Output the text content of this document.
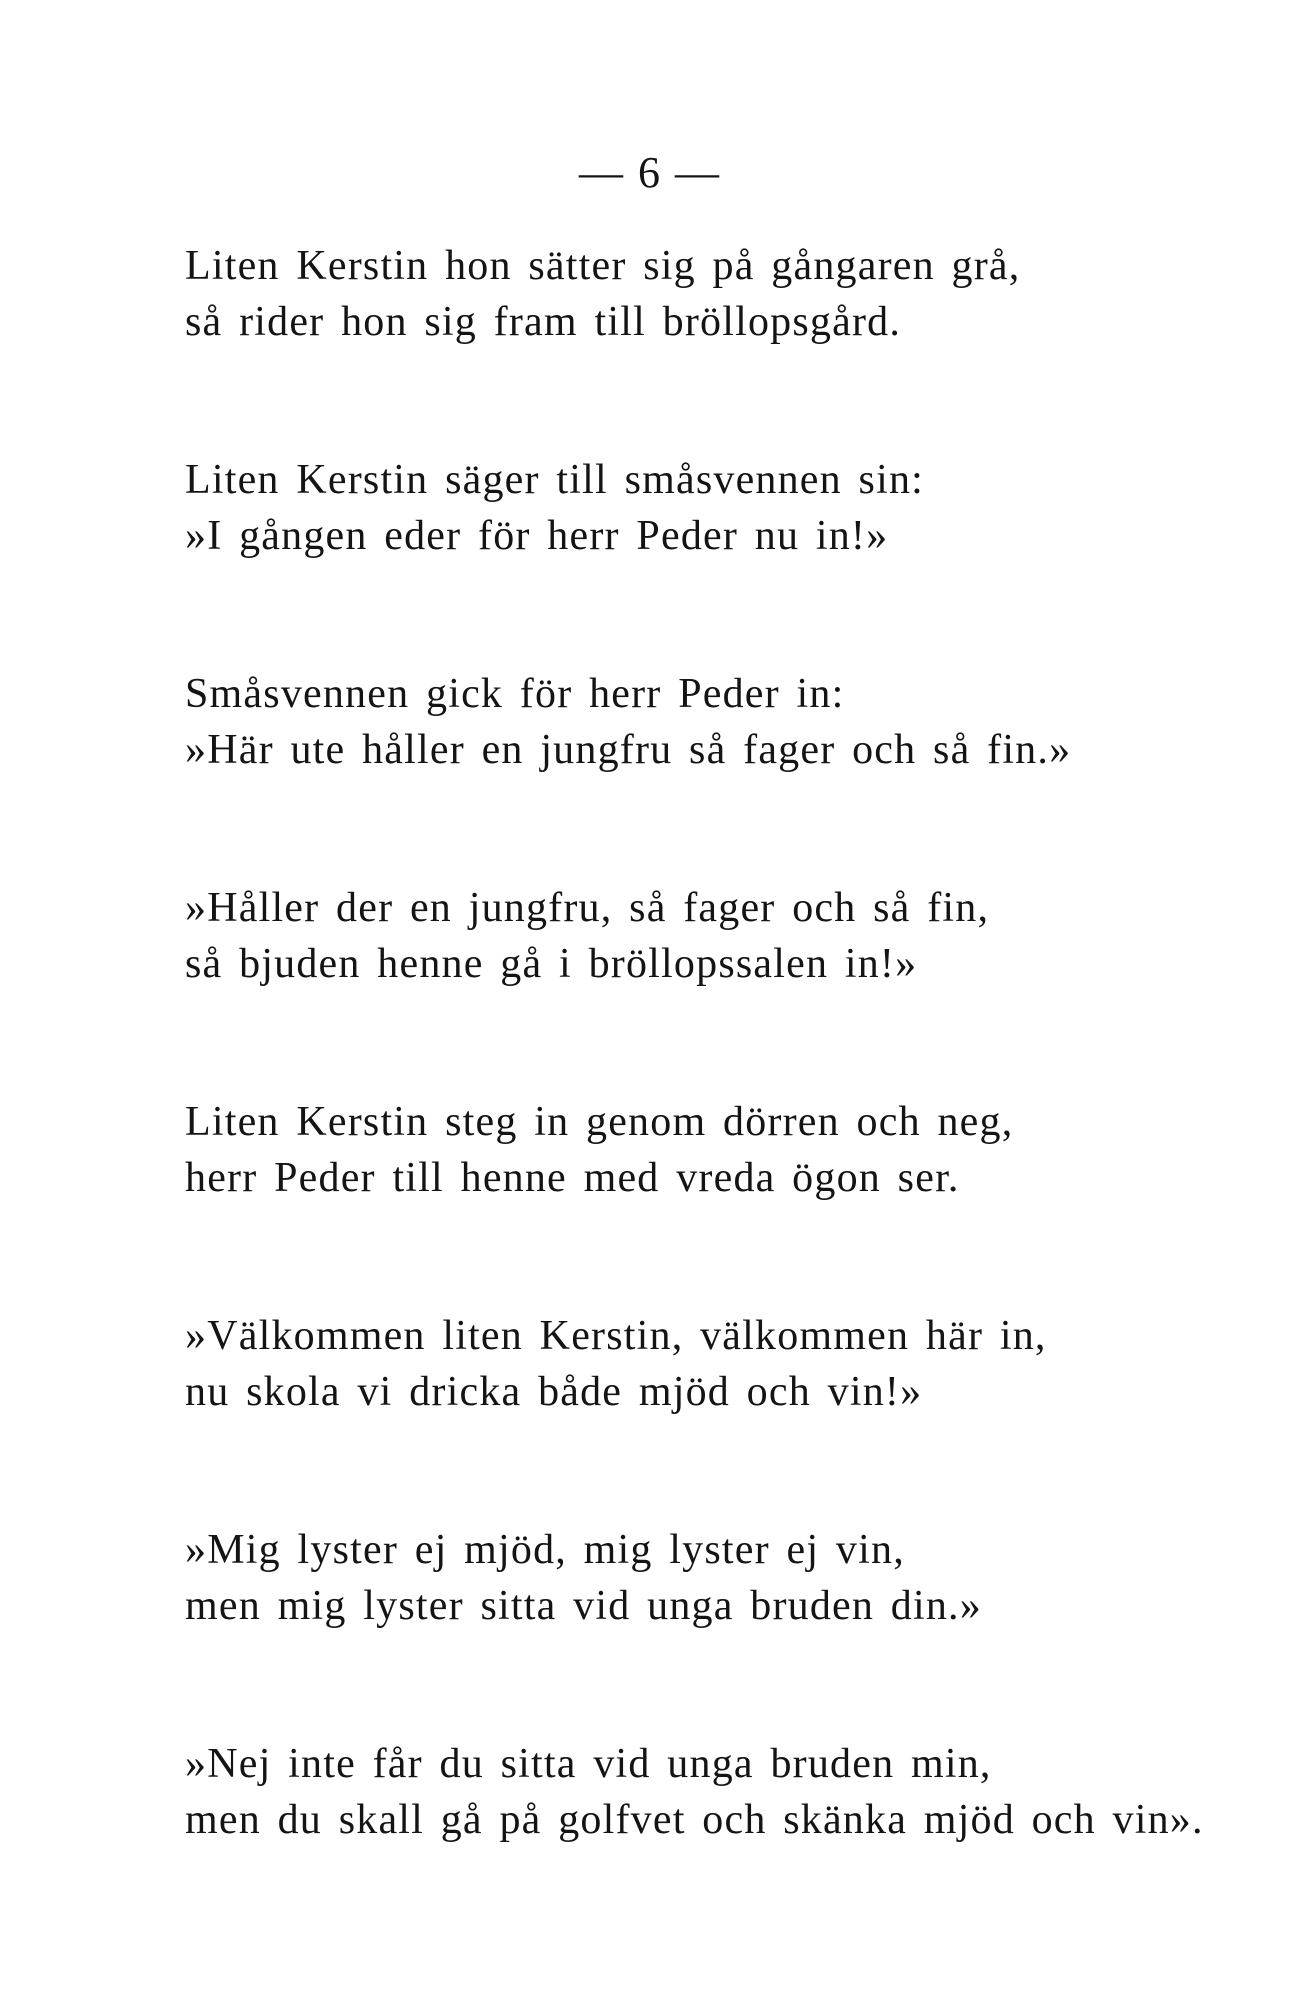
— 6 —
Liten Kerstin hon sätter sig på gångaren grå,
så rider hon sig fram till bröllopsgård.
Liten Kerstin säger till småsvennen sin:
»I gången eder för herr Peder nu in!»
Småsvennen gick för herr Peder in:
»Här ute håller en jungfru så fager och så fin.»
»Håller der en jungfru, så fager och så fin,
så bjuden henne gå i bröllopssalen in!»
Liten Kerstin steg in genom dörren och neg,
herr Peder till henne med vreda ögon ser.
»Välkommen liten Kerstin, välkommen här in,
nu skola vi dricka både mjöd och vin!»
»Mig lyster ej mjöd, mig lyster ej vin,
men mig lyster sitta vid unga bruden din.»
»Nej inte får du sitta vid unga bruden min,
men du skall gå på golfvet och skänka mjöd och vin».
